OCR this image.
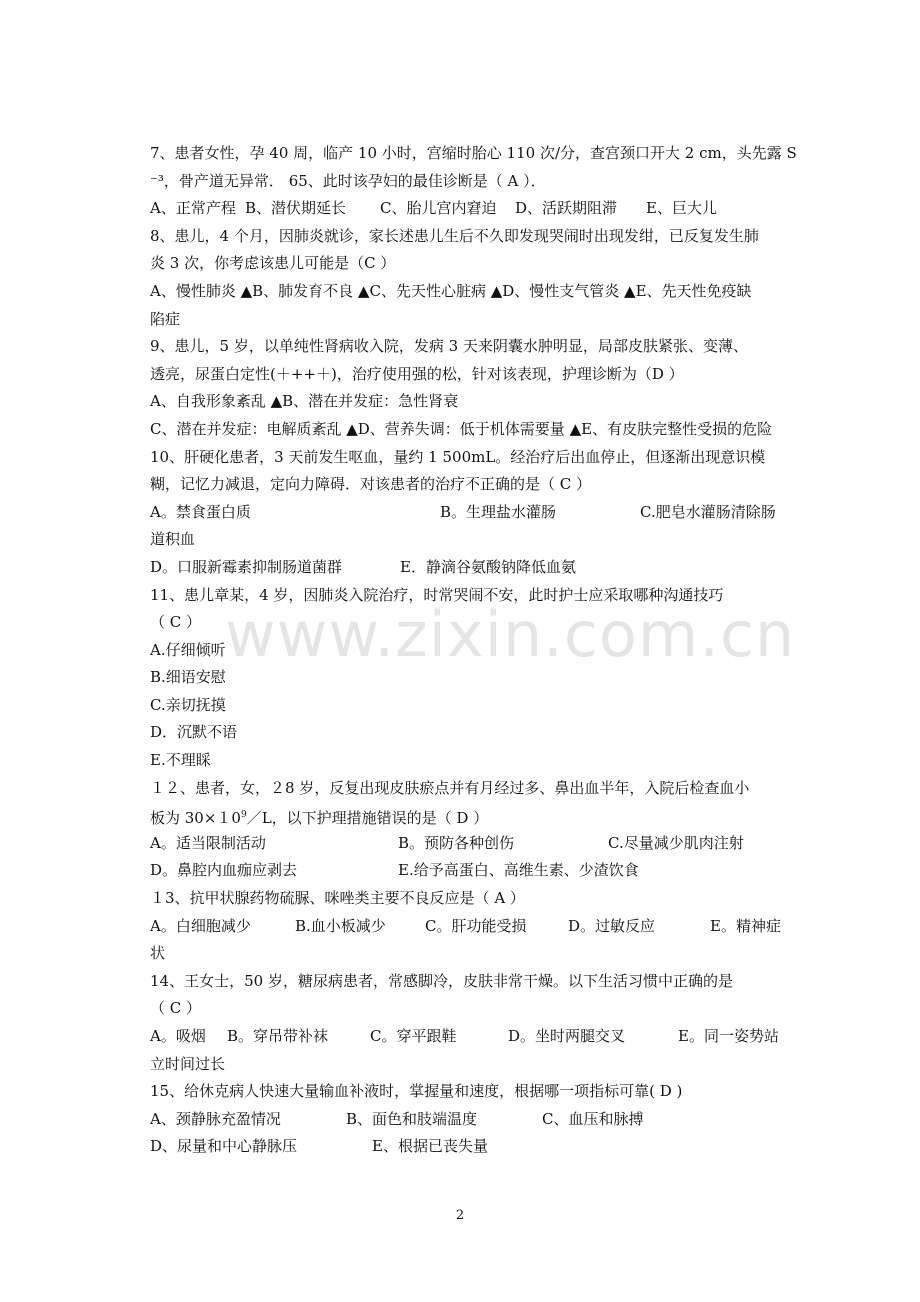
www.zixin.com.cn
7、患者女性，孕 40 周，临产 10 小时，宫缩时胎心 110 次/分，查宫颈口开大 2 cm，头先露 S
⁻³，骨产道无异常． 65、此时该孕妇的最佳诊断是（ A ）．
A、正常产程 B、潜伏期延长	C、胎儿宫内窘迫	D、活跃期阻滞	E、巨大儿
8、患儿，4 个月，因肺炎就诊，家长述患儿生后不久即发现哭闹时出现发绀，已反复发生肺
炎 3 次，你考虑该患儿可能是（C ）
A、慢性肺炎 ▲B、肺发育不良 ▲C、先天性心脏病 ▲D、慢性支气管炎 ▲E、先天性免疫缺
陷症
9、患儿，5 岁，以单纯性肾病收入院，发病 3 天来阴囊水肿明显，局部皮肤紧张、变薄、
透亮，尿蛋白定性(＋++＋)，治疗使用强的松，针对该表现，护理诊断为（D ）
A、自我形象紊乱 ▲B、潜在并发症：急性肾衰
C、潜在并发症：电解质紊乱 ▲D、营养失调：低于机体需要量 ▲E、有皮肤完整性受损的危险
10、肝硬化患者，3 天前发生呕血，量约 1 500mL。经治疗后出血停止，但逐渐出现意识模
糊，记忆力减退，定向力障碍．对该患者的治疗不正确的是（ C ）
A。禁食蛋白质	B。生理盐水灌肠	C.肥皂水灌肠清除肠
道积血
D。口服新霉素抑制肠道菌群	E．静滴谷氨酸钠降低血氨
11、患儿章某，4 岁，因肺炎入院治疗，时常哭闹不安，此时护士应采取哪种沟通技巧
（ C ）
A.仔细倾听
B.细语安慰
C.亲切抚摸
D．沉默不语
E.不理睬
１２、患者，女，２8 岁，反复出现皮肤瘀点并有月经过多、鼻出血半年，入院后检查血小
板为 $30\times 10^9/L$，以下护理措施错误的是（ D ）
A。适当限制活动	B。预防各种创伤	C.尽量减少肌肉注射
D。鼻腔内血痂应剥去	E.给予高蛋白、高维生素、少渣饮食
１3、抗甲状腺药物硫脲、咪唑类主要不良反应是（ A ）
A。白细胞减少	B.血小板减少	C。肝功能受损	D。过敏反应	E。精神症
状
14、王女士，50 岁，糖尿病患者，常感脚冷，皮肤非常干燥。以下生活习惯中正确的是
（ C ）
A。吸烟	B。穿吊带补袜	C。穿平跟鞋	D。坐时两腿交叉	E。同一姿势站
立时间过长
15、给休克病人快速大量输血补液时，掌握量和速度，根据哪一项指标可靠( D )
A、颈静脉充盈情况	B、面色和肢端温度	C、血压和脉搏
D、尿量和中心静脉压	E、根据已丧失量
2
